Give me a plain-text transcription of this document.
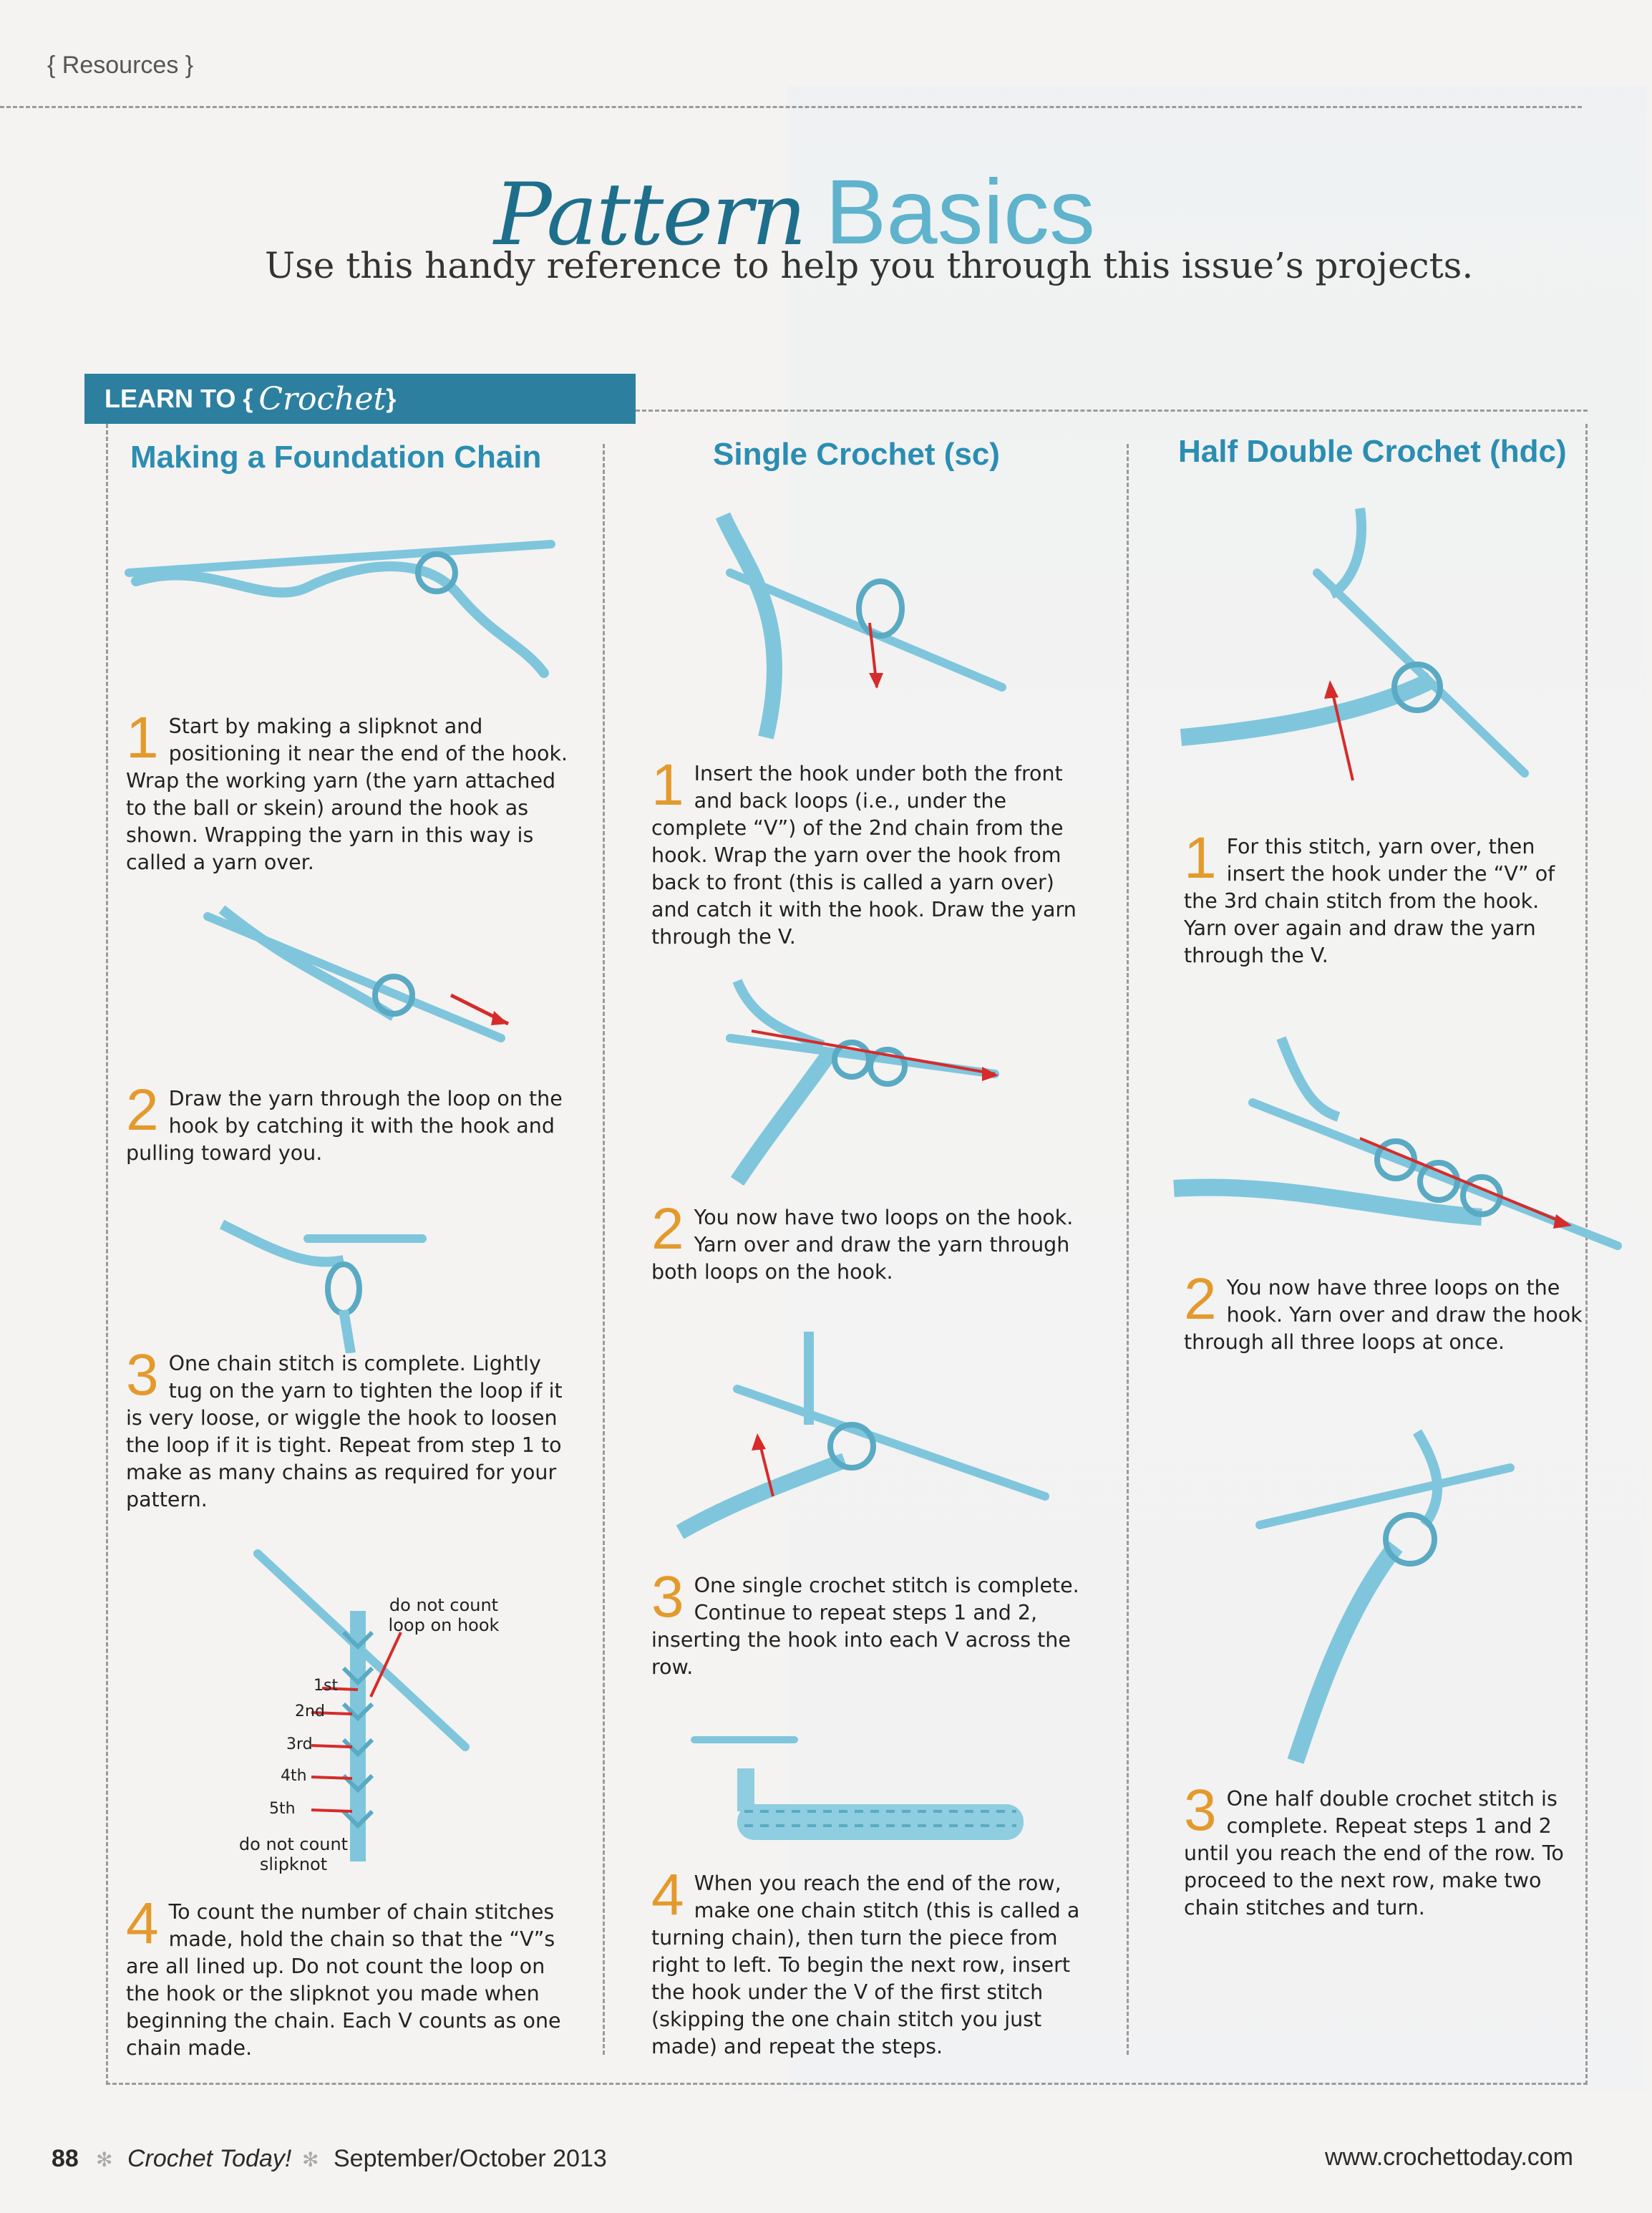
{ Resources }
Pattern Basics
Use this handy reference to help you through this issue’s projects.
LEARN TO { Crochet }
Making a Foundation Chain	Single Crochet (sc)	Half Double Crochet (hdc)
do not count loop on hook
do not count slipknot
1st
2nd
3rd
4th
5th
1 Start by making a slipknot and positioning it near the end of the hook. Wrap the working yarn (the yarn attached to the ball or skein) around the hook as shown. Wrapping the yarn in this way is called a yarn over.
2 Draw the yarn through the loop on the hook by catching it with the hook and pulling toward you.
3 One chain stitch is complete. Lightly tug on the yarn to tighten the loop if it is very loose, or wiggle the hook to loosen the loop if it is tight. Repeat from step 1 to make as many chains as required for your pattern.
4 To count the number of chain stitches made, hold the chain so that the “V”s are all lined up. Do not count the loop on the hook or the slipknot you made when beginning the chain. Each V counts as one chain made.
1 Insert the hook under both the front and back loops (i.e., under the complete “V”) of the 2nd chain from the hook. Wrap the yarn over the hook from back to front (this is called a yarn over) and catch it with the hook. Draw the yarn through the V.
2 You now have two loops on the hook. Yarn over and draw the yarn through both loops on the hook.
3 One single crochet stitch is complete. Continue to repeat steps 1 and 2, inserting the hook into each V across the row.
4 When you reach the end of the row, make one chain stitch (this is called a turning chain), then turn the piece from right to left. To begin the next row, insert the hook under the V of the first stitch (skipping the one chain stitch you just made) and repeat the steps.
1 For this stitch, yarn over, then insert the hook under the “V” of the 3rd chain stitch from the hook. Yarn over again and draw the yarn through the V.
2 You now have three loops on the hook. Yarn over and draw the hook through all three loops at once.
3 One half double crochet stitch is complete. Repeat steps 1 and 2 until you reach the end of the row. To proceed to the next row, make two chain stitches and turn.
88 ✻ Crochet Today! ✻ September/October 2013	www.crochettoday.com
